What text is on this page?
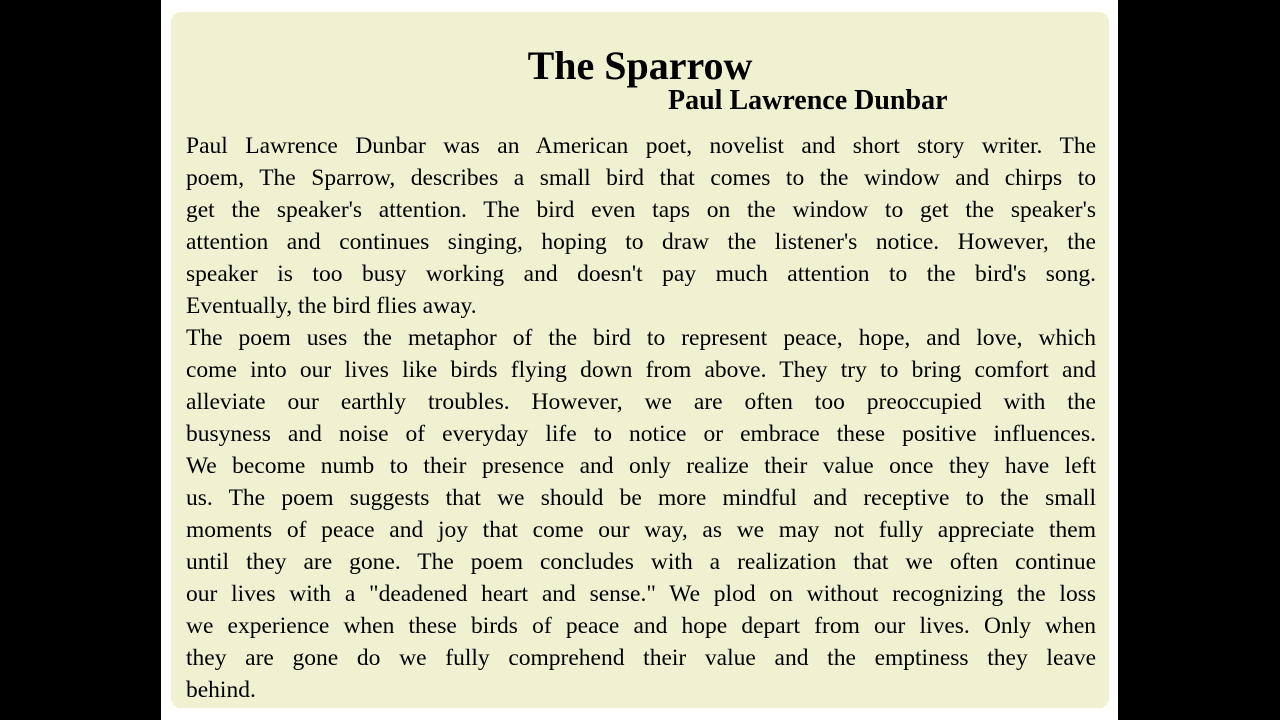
The Sparrow
Paul Lawrence Dunbar
Paul Lawrence Dunbar was an American poet, novelist and short story writer. The
poem, The Sparrow, describes a small bird that comes to the window and chirps to
get the speaker's attention. The bird even taps on the window to get the speaker's
attention and continues singing, hoping to draw the listener's notice. However, the
speaker is too busy working and doesn't pay much attention to the bird's song.
Eventually, the bird flies away.
The poem uses the metaphor of the bird to represent peace, hope, and love, which
come into our lives like birds flying down from above. They try to bring comfort and
alleviate our earthly troubles. However, we are often too preoccupied with the
busyness and noise of everyday life to notice or embrace these positive influences.
We become numb to their presence and only realize their value once they have left
us. The poem suggests that we should be more mindful and receptive to the small
moments of peace and joy that come our way, as we may not fully appreciate them
until they are gone. The poem concludes with a realization that we often continue
our lives with a "deadened heart and sense." We plod on without recognizing the loss
we experience when these birds of peace and hope depart from our lives. Only when
they are gone do we fully comprehend their value and the emptiness they leave
behind.
